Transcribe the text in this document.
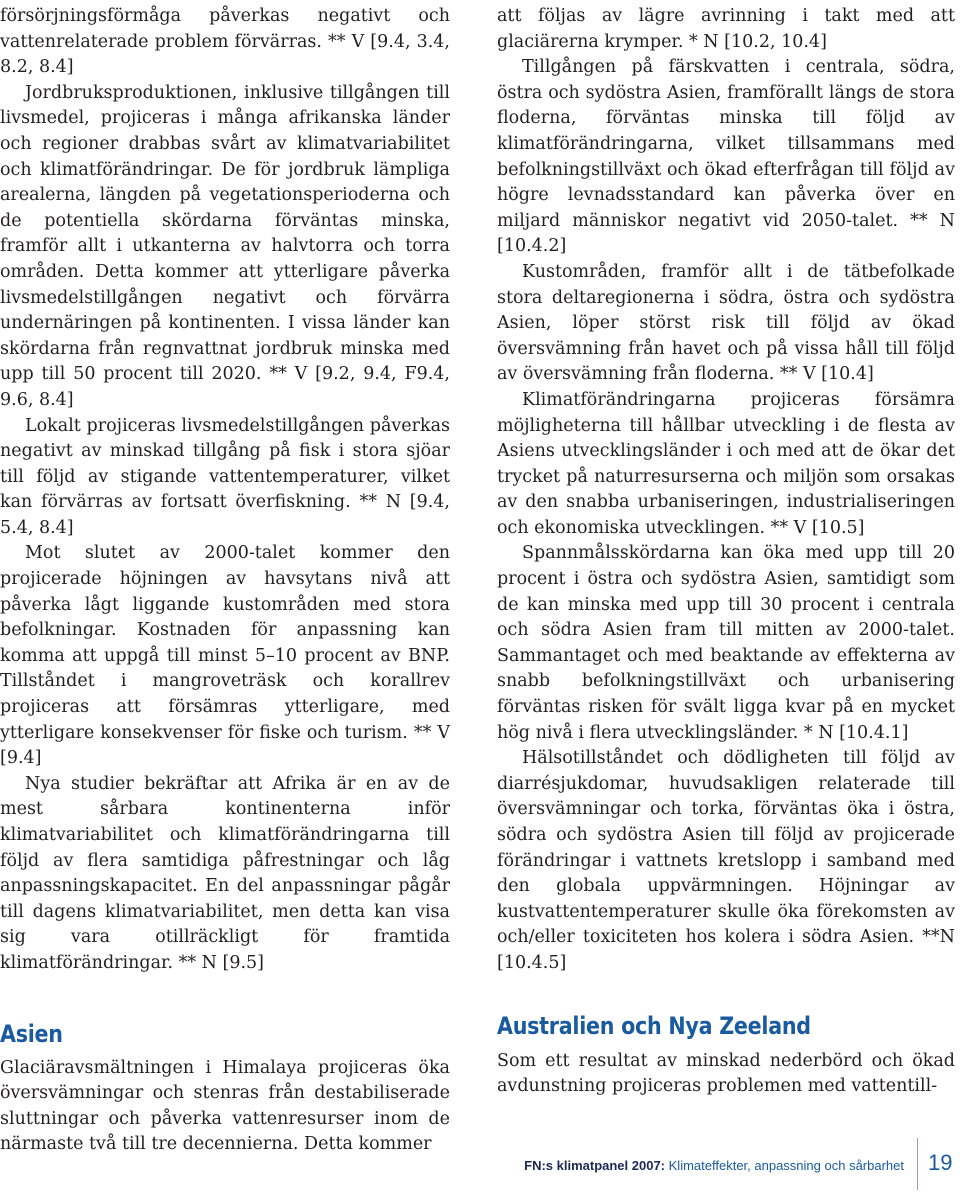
försörjningsförmåga påverkas negativt och vattenrelaterade problem förvärras. ** V [9.4, 3.4, 8.2, 8.4]

Jordbruksproduktionen, inklusive tillgången till livsmedel, projiceras i många afrikanska länder och regioner drabbas svårt av klimatvariabilitet och klimatförändringar. De för jordbruk lämpliga arealerna, längden på vegetationsperioderna och de potentiella skördarna förväntas minska, framför allt i utkanterna av halvtorra och torra områden. Detta kommer att ytterligare påverka livsmedelstillgången negativt och förvärra undernäringen på kontinenten. I vissa länder kan skördarna från regnvattnat jordbruk minska med upp till 50 procent till 2020. ** V [9.2, 9.4, F9.4, 9.6, 8.4]

Lokalt projiceras livsmedelstillgången påverkas negativt av minskad tillgång på fisk i stora sjöar till följd av stigande vattentemperaturer, vilket kan förvärras av fortsatt överfiskning. ** N [9.4, 5.4, 8.4]

Mot slutet av 2000-talet kommer den projicerade höjningen av havsytans nivå att påverka lågt liggande kustområden med stora befolkningar. Kostnaden för anpassning kan komma att uppgå till minst 5–10 procent av BNP. Tillståndet i mangroveträsk och korallrev projiceras att försämras ytterligare, med ytterligare konsekvenser för fiske och turism. ** V [9.4]

Nya studier bekräftar att Afrika är en av de mest sårbara kontinenterna inför klimatvariabilitet och klimatförändringarna till följd av flera samtidiga påfrestningar och låg anpassningskapacitet. En del anpassningar pågår till dagens klimatvariabilitet, men detta kan visa sig vara otillräckligt för framtida klimatförändringar. ** N [9.5]

Asien

Glaciäravsmältningen i Himalaya projiceras öka översvämningar och stenras från destabiliserade sluttningar och påverka vattenresurser inom de närmaste två till tre decennierna. Detta kommer

att följas av lägre avrinning i takt med att glaciärerna krymper. * N [10.2, 10.4]

Tillgången på färskvatten i centrala, södra, östra och sydöstra Asien, framförallt längs de stora floderna, förväntas minska till följd av klimatförändringarna, vilket tillsammans med befolkningstillväxt och ökad efterfrågan till följd av högre levnadsstandard kan påverka över en miljard människor negativt vid 2050-talet. ** N [10.4.2]

Kustområden, framför allt i de tätbefolkade stora deltaregionerna i södra, östra och sydöstra Asien, löper störst risk till följd av ökad översvämning från havet och på vissa håll till följd av översvämning från floderna. ** V [10.4]

Klimatförändringarna projiceras försämra möjligheterna till hållbar utveckling i de flesta av Asiens utvecklingsländer i och med att de ökar det trycket på naturresurserna och miljön som orsakas av den snabba urbaniseringen, industrialiseringen och ekonomiska utvecklingen. ** V [10.5]

Spannmålsskördarna kan öka med upp till 20 procent i östra och sydöstra Asien, samtidigt som de kan minska med upp till 30 procent i centrala och södra Asien fram till mitten av 2000-talet. Sammantaget och med beaktande av effekterna av snabb befolkningstillväxt och urbanisering förväntas risken för svält ligga kvar på en mycket hög nivå i flera utvecklingsländer. * N [10.4.1]

Hälsotillståndet och dödligheten till följd av diarrésjukdomar, huvudsakligen relaterade till översvämningar och torka, förväntas öka i östra, södra och sydöstra Asien till följd av projicerade förändringar i vattnets kretslopp i samband med den globala uppvärmningen. Höjningar av kustvattentemperaturer skulle öka förekomsten av och/eller toxiciteten hos kolera i södra Asien. **N [10.4.5]

Australien och Nya Zeeland

Som ett resultat av minskad nederbörd och ökad avdunstning projiceras problemen med vattentill-

FN:s klimatpanel 2007: Klimateffekter, anpassning och sårbarhet 19
